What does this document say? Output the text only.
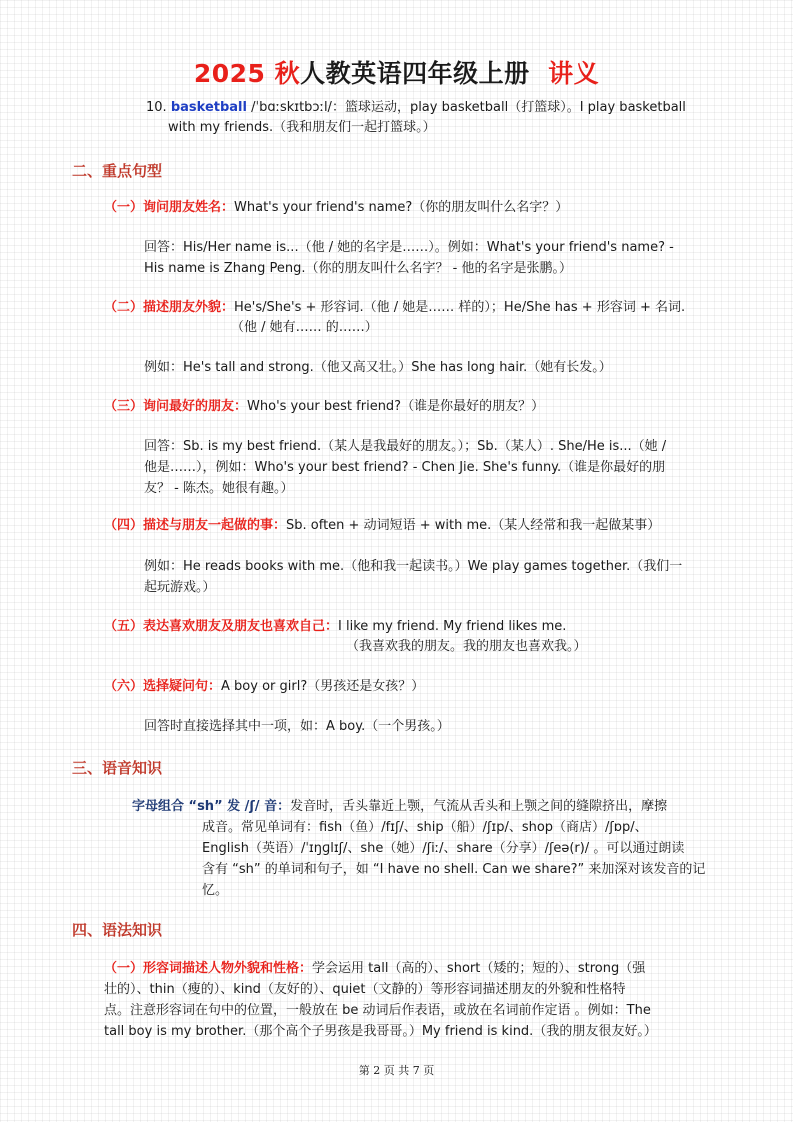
2025 秋人教英语四年级上册 讲义
10. basketball /ˈbɑːskɪtbɔːl/：篮球运动，play basketball（打篮球）。I play basketball
with my friends.（我和朋友们一起打篮球。）
二、重点句型
（一）询问朋友姓名：What's your friend's name?（你的朋友叫什么名字？）
回答：His/Her name is...（他 / 她的名字是……）。例如：What's your friend's name? -
His name is Zhang Peng.（你的朋友叫什么名字？ - 他的名字是张鹏。）
（二）描述朋友外貌：He's/She's + 形容词.（他 / 她是…… 样的）；He/She has + 形容词 + 名词.
（他 / 她有…… 的……）
例如：He's tall and strong.（他又高又壮。）She has long hair.（她有长发。）
（三）询问最好的朋友：Who's your best friend?（谁是你最好的朋友？）
回答：Sb. is my best friend.（某人是我最好的朋友。）；Sb.（某人）. She/He is...（她 /
他是……），例如：Who's your best friend? - Chen Jie. She's funny.（谁是你最好的朋
友？ - 陈杰。她很有趣。）
（四）描述与朋友一起做的事：Sb. often + 动词短语 + with me.（某人经常和我一起做某事）
例如：He reads books with me.（他和我一起读书。）We play games together.（我们一
起玩游戏。）
（五）表达喜欢朋友及朋友也喜欢自己：I like my friend. My friend likes me.
（我喜欢我的朋友。我的朋友也喜欢我。）
（六）选择疑问句：A boy or girl?（男孩还是女孩？）
回答时直接选择其中一项，如：A boy.（一个男孩。）
三、语音知识
字母组合 “sh” 发 /ʃ/ 音：发音时，舌头靠近上颚，气流从舌头和上颚之间的缝隙挤出，摩擦
成音。常见单词有：fish（鱼）/fɪʃ/、ship（船）/ʃɪp/、shop（商店）/ʃɒp/、
English（英语）/ˈɪŋɡlɪʃ/、she（她）/ʃiː/、share（分享）/ʃeə(r)/ 。可以通过朗读
含有 “sh” 的单词和句子，如 “I have no shell. Can we share?” 来加深对该发音的记
忆。
四、语法知识
（一）形容词描述人物外貌和性格：学会运用 tall（高的）、short（矮的；短的）、strong（强
壮的）、thin（瘦的）、kind（友好的）、quiet（文静的）等形容词描述朋友的外貌和性格特
点。注意形容词在句中的位置，一般放在 be 动词后作表语，或放在名词前作定语 。例如：The
tall boy is my brother.（那个高个子男孩是我哥哥。）My friend is kind.（我的朋友很友好。）
第 2 页 共 7 页
